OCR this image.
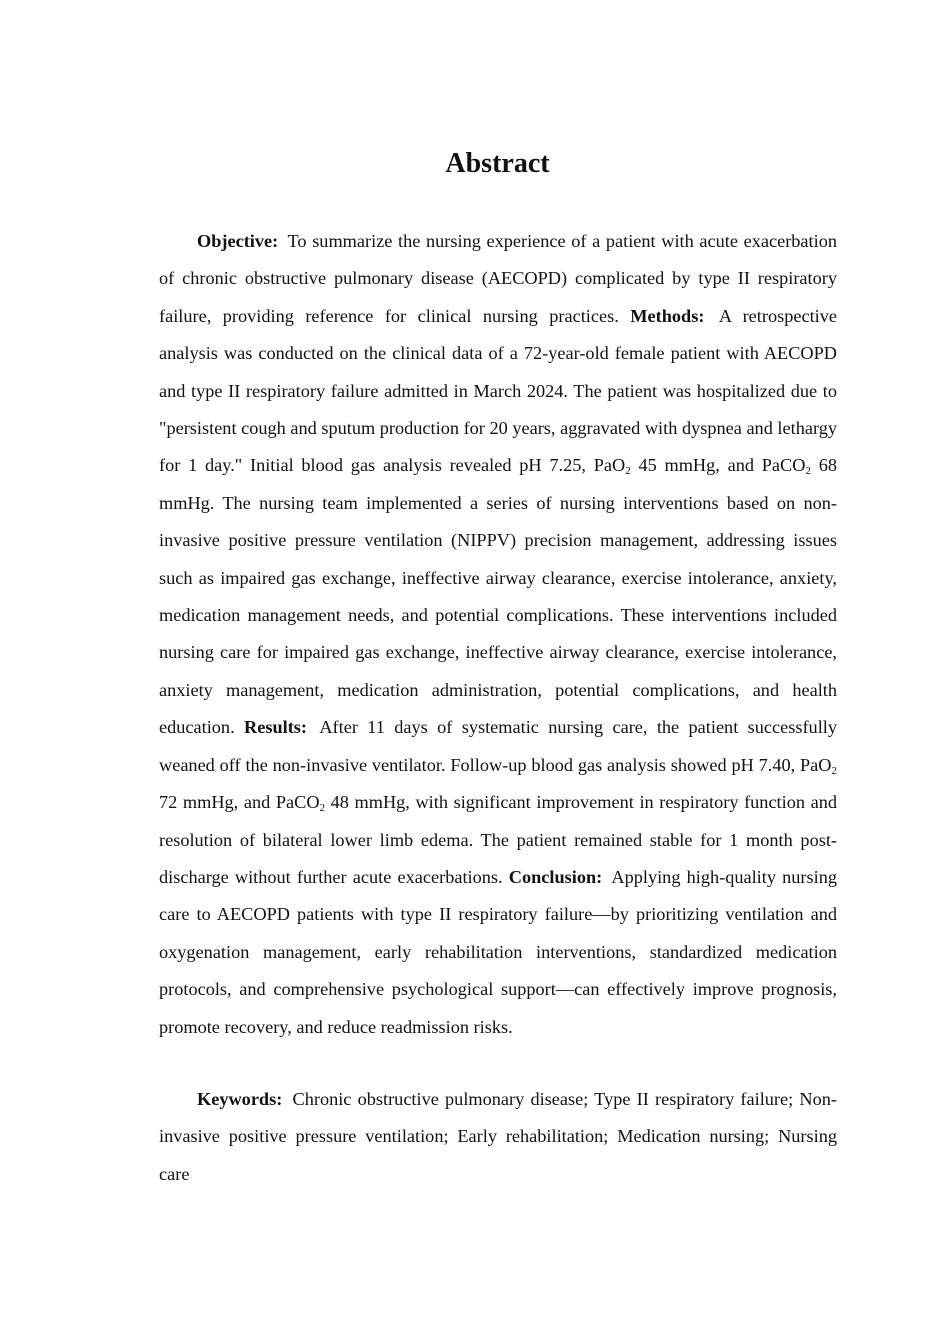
Abstract

Objective: To summarize the nursing experience of a patient with acute exacerbation of chronic obstructive pulmonary disease (AECOPD) complicated by type II respiratory failure, providing reference for clinical nursing practices. Methods: A retrospective analysis was conducted on the clinical data of a 72-year-old female patient with AECOPD and type II respiratory failure admitted in March 2024. The patient was hospitalized due to "persistent cough and sputum production for 20 years, aggravated with dyspnea and lethargy for 1 day." Initial blood gas analysis revealed pH 7.25, PaO$_2$ 45 mmHg, and PaCO$_2$ 68 mmHg. The nursing team implemented a series of nursing interventions based on non-invasive positive pressure ventilation (NIPPV) precision management, addressing issues such as impaired gas exchange, ineffective airway clearance, exercise intolerance, anxiety, medication management needs, and potential complications. These interventions included nursing care for impaired gas exchange, ineffective airway clearance, exercise intolerance, anxiety management, medication administration, potential complications, and health education. Results: After 11 days of systematic nursing care, the patient successfully weaned off the non-invasive ventilator. Follow-up blood gas analysis showed pH 7.40, PaO$_2$ 72 mmHg, and PaCO$_2$ 48 mmHg, with significant improvement in respiratory function and resolution of bilateral lower limb edema. The patient remained stable for 1 month post-discharge without further acute exacerbations. Conclusion: Applying high-quality nursing care to AECOPD patients with type II respiratory failure—by prioritizing ventilation and oxygenation management, early rehabilitation interventions, standardized medication protocols, and comprehensive psychological support—can effectively improve prognosis, promote recovery, and reduce readmission risks.

Keywords: Chronic obstructive pulmonary disease; Type II respiratory failure; Non-invasive positive pressure ventilation; Early rehabilitation; Medication nursing; Nursing care
